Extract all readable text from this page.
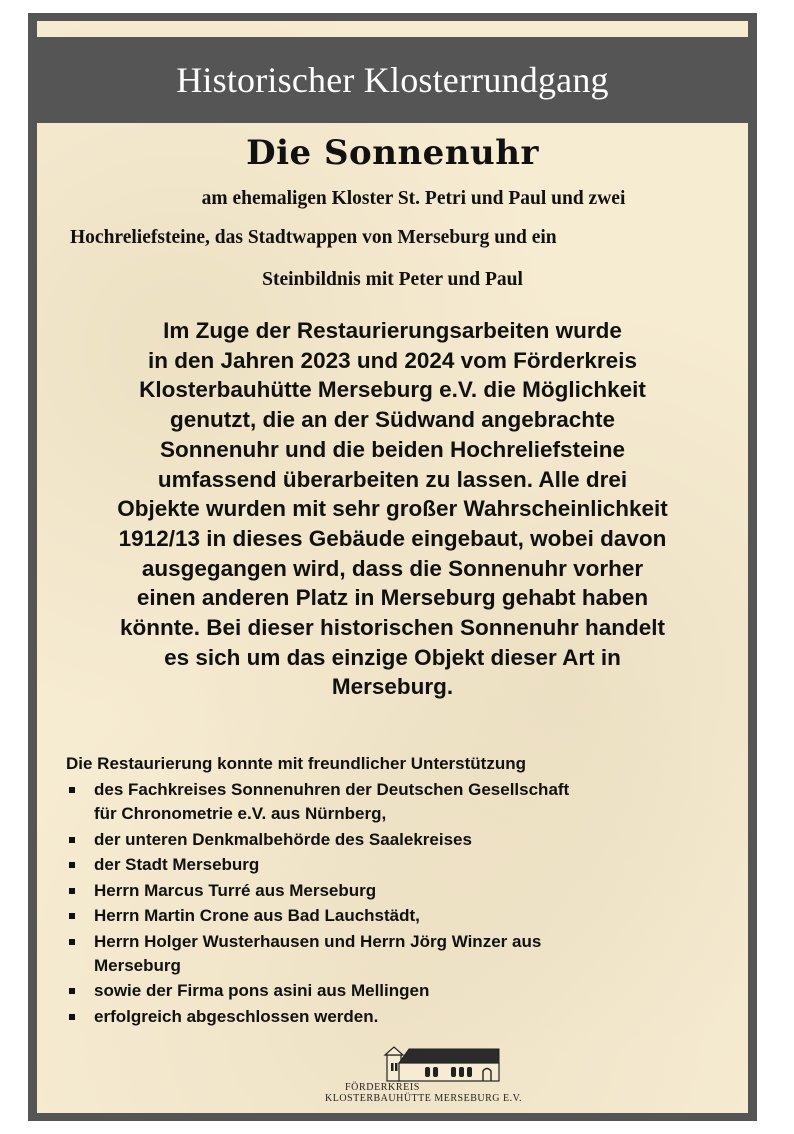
Historischer Klosterrundgang
Die Sonnenuhr
am ehemaligen Kloster St. Petri und Paul und zwei
Hochreliefsteine, das Stadtwappen von Merseburg und ein
Steinbildnis mit Peter und Paul
Im Zuge der Restaurierungsarbeiten wurde
in den Jahren 2023 und 2024 vom Förderkreis
Klosterbauhütte Merseburg e.V. die Möglichkeit
genutzt, die an der Südwand angebrachte
Sonnenuhr und die beiden Hochreliefsteine
umfassend überarbeiten zu lassen. Alle drei
Objekte wurden mit sehr großer Wahrscheinlichkeit
1912/13 in dieses Gebäude eingebaut, wobei davon
ausgegangen wird, dass die Sonnenuhr vorher
einen anderen Platz in Merseburg gehabt haben
könnte. Bei dieser historischen Sonnenuhr handelt
es sich um das einzige Objekt dieser Art in
Merseburg.
Die Restaurierung konnte mit freundlicher Unterstützung
des Fachkreises Sonnenuhren der Deutschen Gesellschaft
für Chronometrie e.V. aus Nürnberg,
der unteren Denkmalbehörde des Saalekreises
der Stadt Merseburg
Herrn Marcus Turré aus Merseburg
Herrn Martin Crone aus Bad Lauchstädt,
Herrn Holger Wusterhausen und Herrn Jörg Winzer aus
Merseburg
sowie der Firma pons asini aus Mellingen
erfolgreich abgeschlossen werden.
FÖRDERKREIS
KLOSTERBAUHÜTTE MERSEBURG E.V.
